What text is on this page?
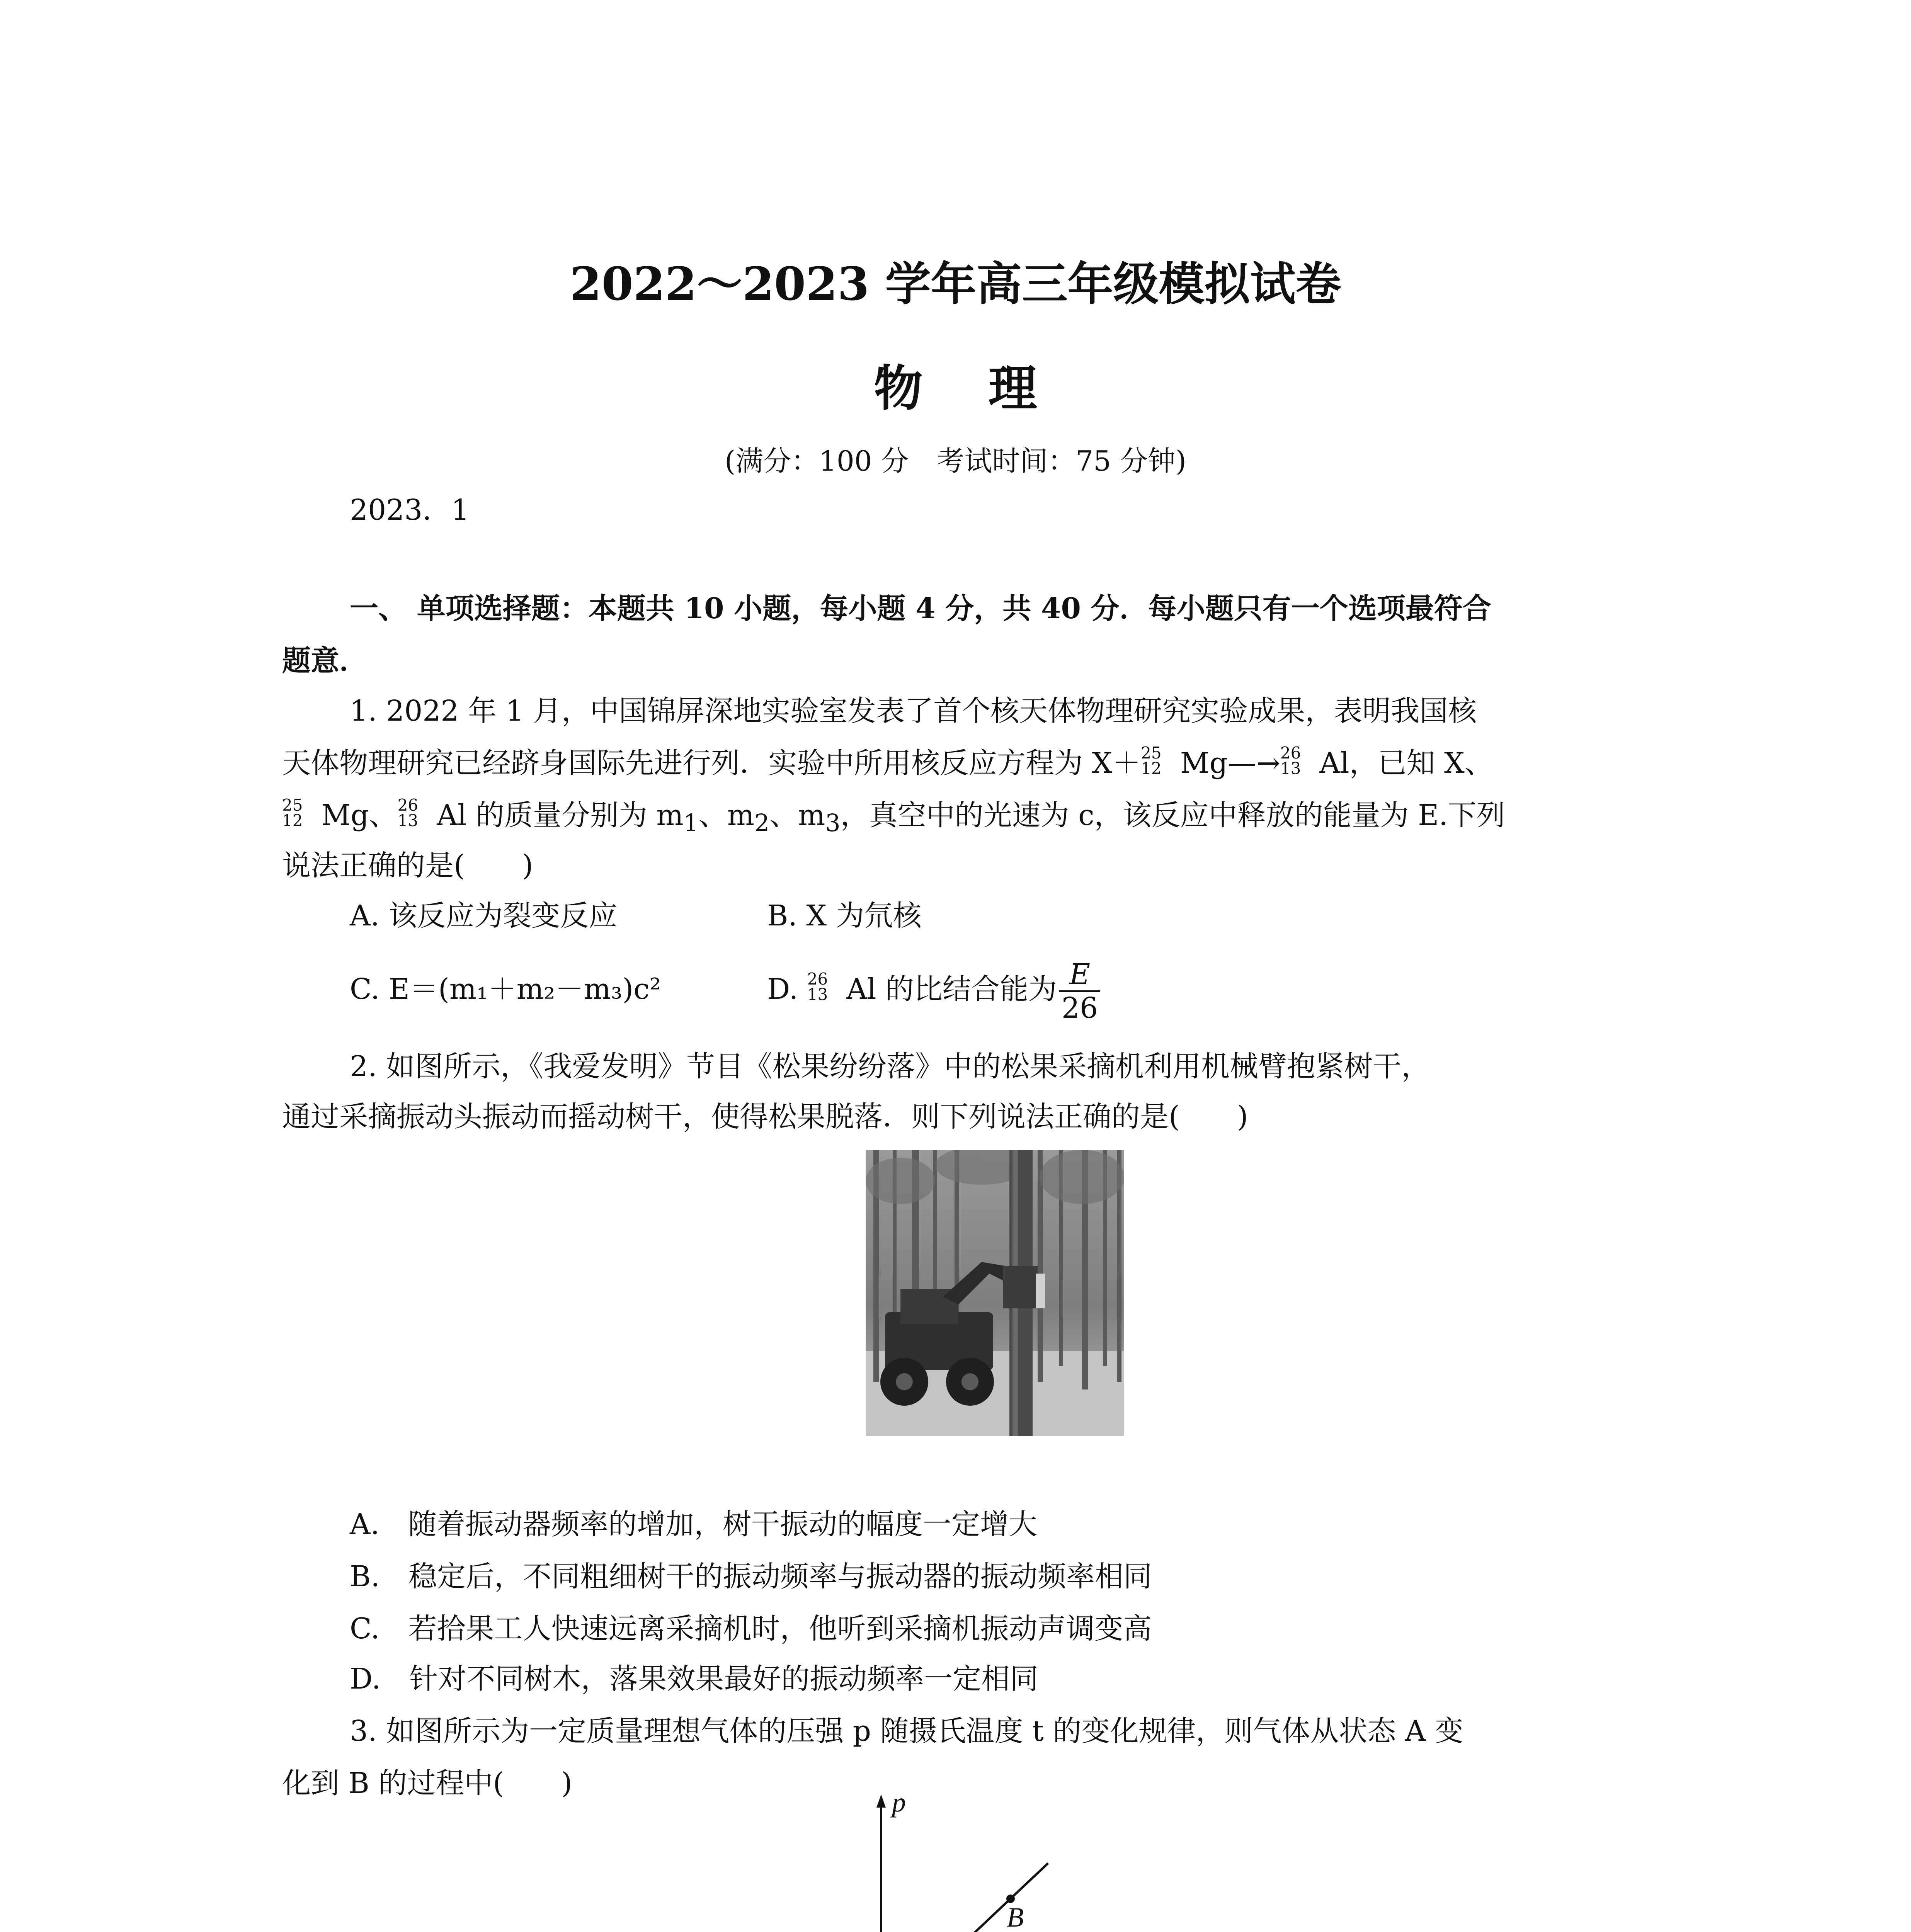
2022～2023 学年高三年级模拟试卷
物理
(满分：100 分　考试时间：75 分钟)
2023．1
一、 单项选择题：本题共 10 小题，每小题 4 分，共 40 分．每小题只有一个选项最符合
题意．
1. 2022 年 1 月，中国锦屏深地实验室发表了首个核天体物理研究实验成果，表明我国核
天体物理研究已经跻身国际先进行列．实验中所用核反应方程为 X＋ 25
12 Mg—→ 26
13 Al，已知 X、
25
12 Mg、 26
13 Al 的质量分别为 $m_1$、$m_2$、$m_3$，真空中的光速为 c，该反应中释放的能量为 E.下列
说法正确的是(　　)
A. 该反应为裂变反应	B. X 为氘核
C. E＝(m₁＋m₂－m₃)c²	D. 26
13 Al 的比结合能为 $\frac{E}{26}$
2. 如图所示，《我爱发明》节目《松果纷纷落》中的松果采摘机利用机械臂抱紧树干，
通过采摘振动头振动而摇动树干，使得松果脱落．则下列说法正确的是(　　)
A.　随着振动器频率的增加，树干振动的幅度一定增大
B.　稳定后，不同粗细树干的振动频率与振动器的振动频率相同
C.　若拾果工人快速远离采摘机时，他听到采摘机振动声调变高
D.　针对不同树木，落果效果最好的振动频率一定相同
3. 如图所示为一定质量理想气体的压强 p 随摄氏温度 t 的变化规律，则气体从状态 A 变
化到 B 的过程中(　　)
p
B
